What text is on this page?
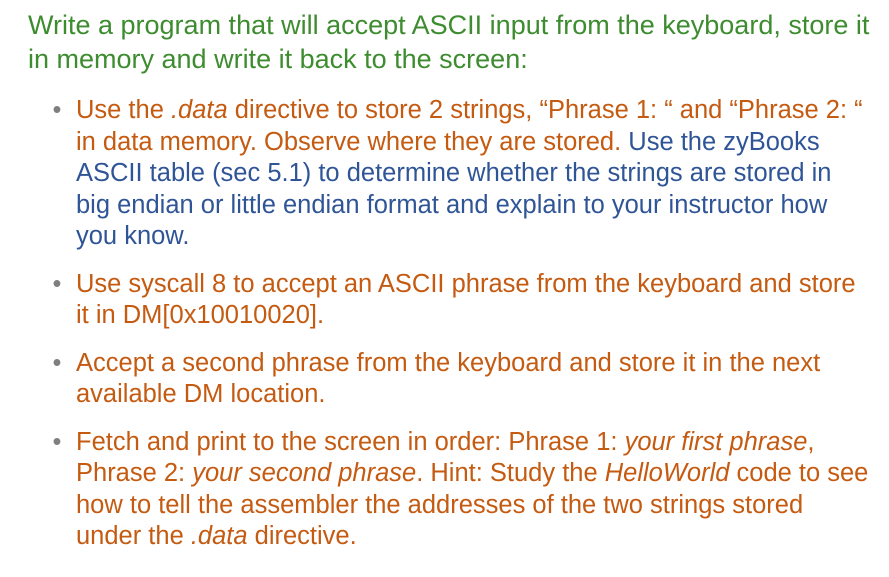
Write a program that will accept ASCII input from the keyboard, store it in memory and write it back to the screen:
• Use the .data directive to store 2 strings, “Phrase 1: “ and “Phrase 2: “ in data memory. Observe where they are stored. Use the zyBooks ASCII table (sec 5.1) to determine whether the strings are stored in big endian or little endian format and explain to your instructor how you know.
• Use syscall 8 to accept an ASCII phrase from the keyboard and store it in DM[0x10010020].
• Accept a second phrase from the keyboard and store it in the next available DM location.
• Fetch and print to the screen in order: Phrase 1: your first phrase, Phrase 2: your second phrase. Hint: Study the HelloWorld code to see how to tell the assembler the addresses of the two strings stored under the .data directive.
